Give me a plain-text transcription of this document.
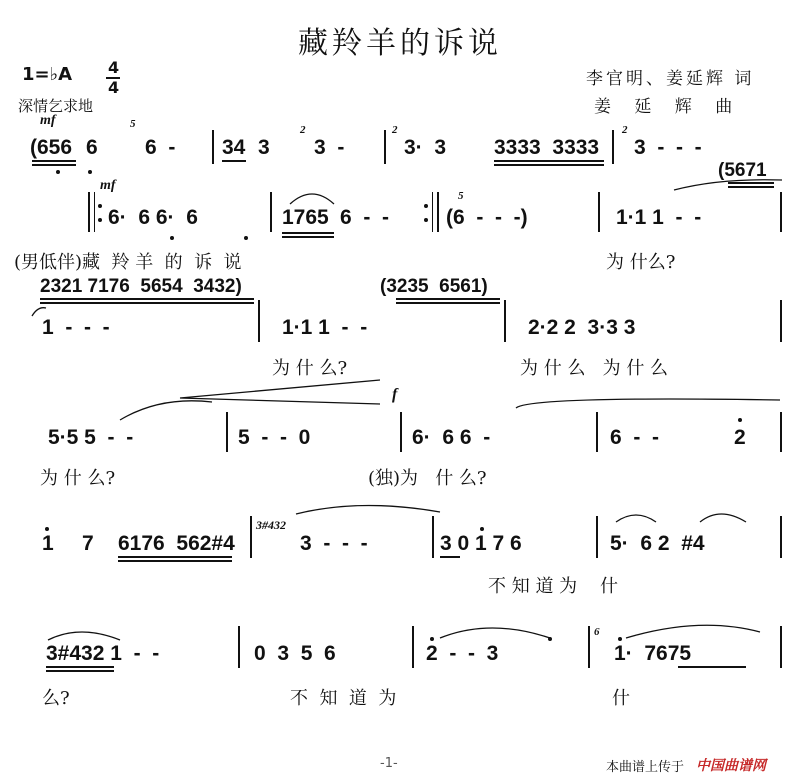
藏羚羊的诉说
1=♭A 4
4
深情乞求地
李官明、姜延辉 词
姜 延 辉 曲
mf
(656 6
5
6  - 34 3
2
3  -
2
3·  3 3333  3333
2
3  -  -  -
mf
6·  6 6·  6	1765 6  -  -
5
(6  -  -  -)	1·1 1  -  -
(5671
(男低伴)藏  羚 羊  的  诉  说	为 什么?
2321 7176  5654  3432)	(3235  6561)
1  -  -  -	1·1 1  -  -	2·2 2  3·3 3
为 什 么?	为 什 么   为 什 么
f
5·5 5  -  -	5  -  -  0	6·  6 6  -	6  -  -	2
为 什 么?	(独)为   什 么?
1 7 6176  562#4
3#432
3  -  -  -	3 0 1 7 6	5·  6 2  #4
不 知 道 为    什
3#432 1  -  -	0  3  5  6	2  -  -  3
6
1·  7675
么?	不  知  道  为	什
-1-	本曲谱上传于 中国曲谱网
